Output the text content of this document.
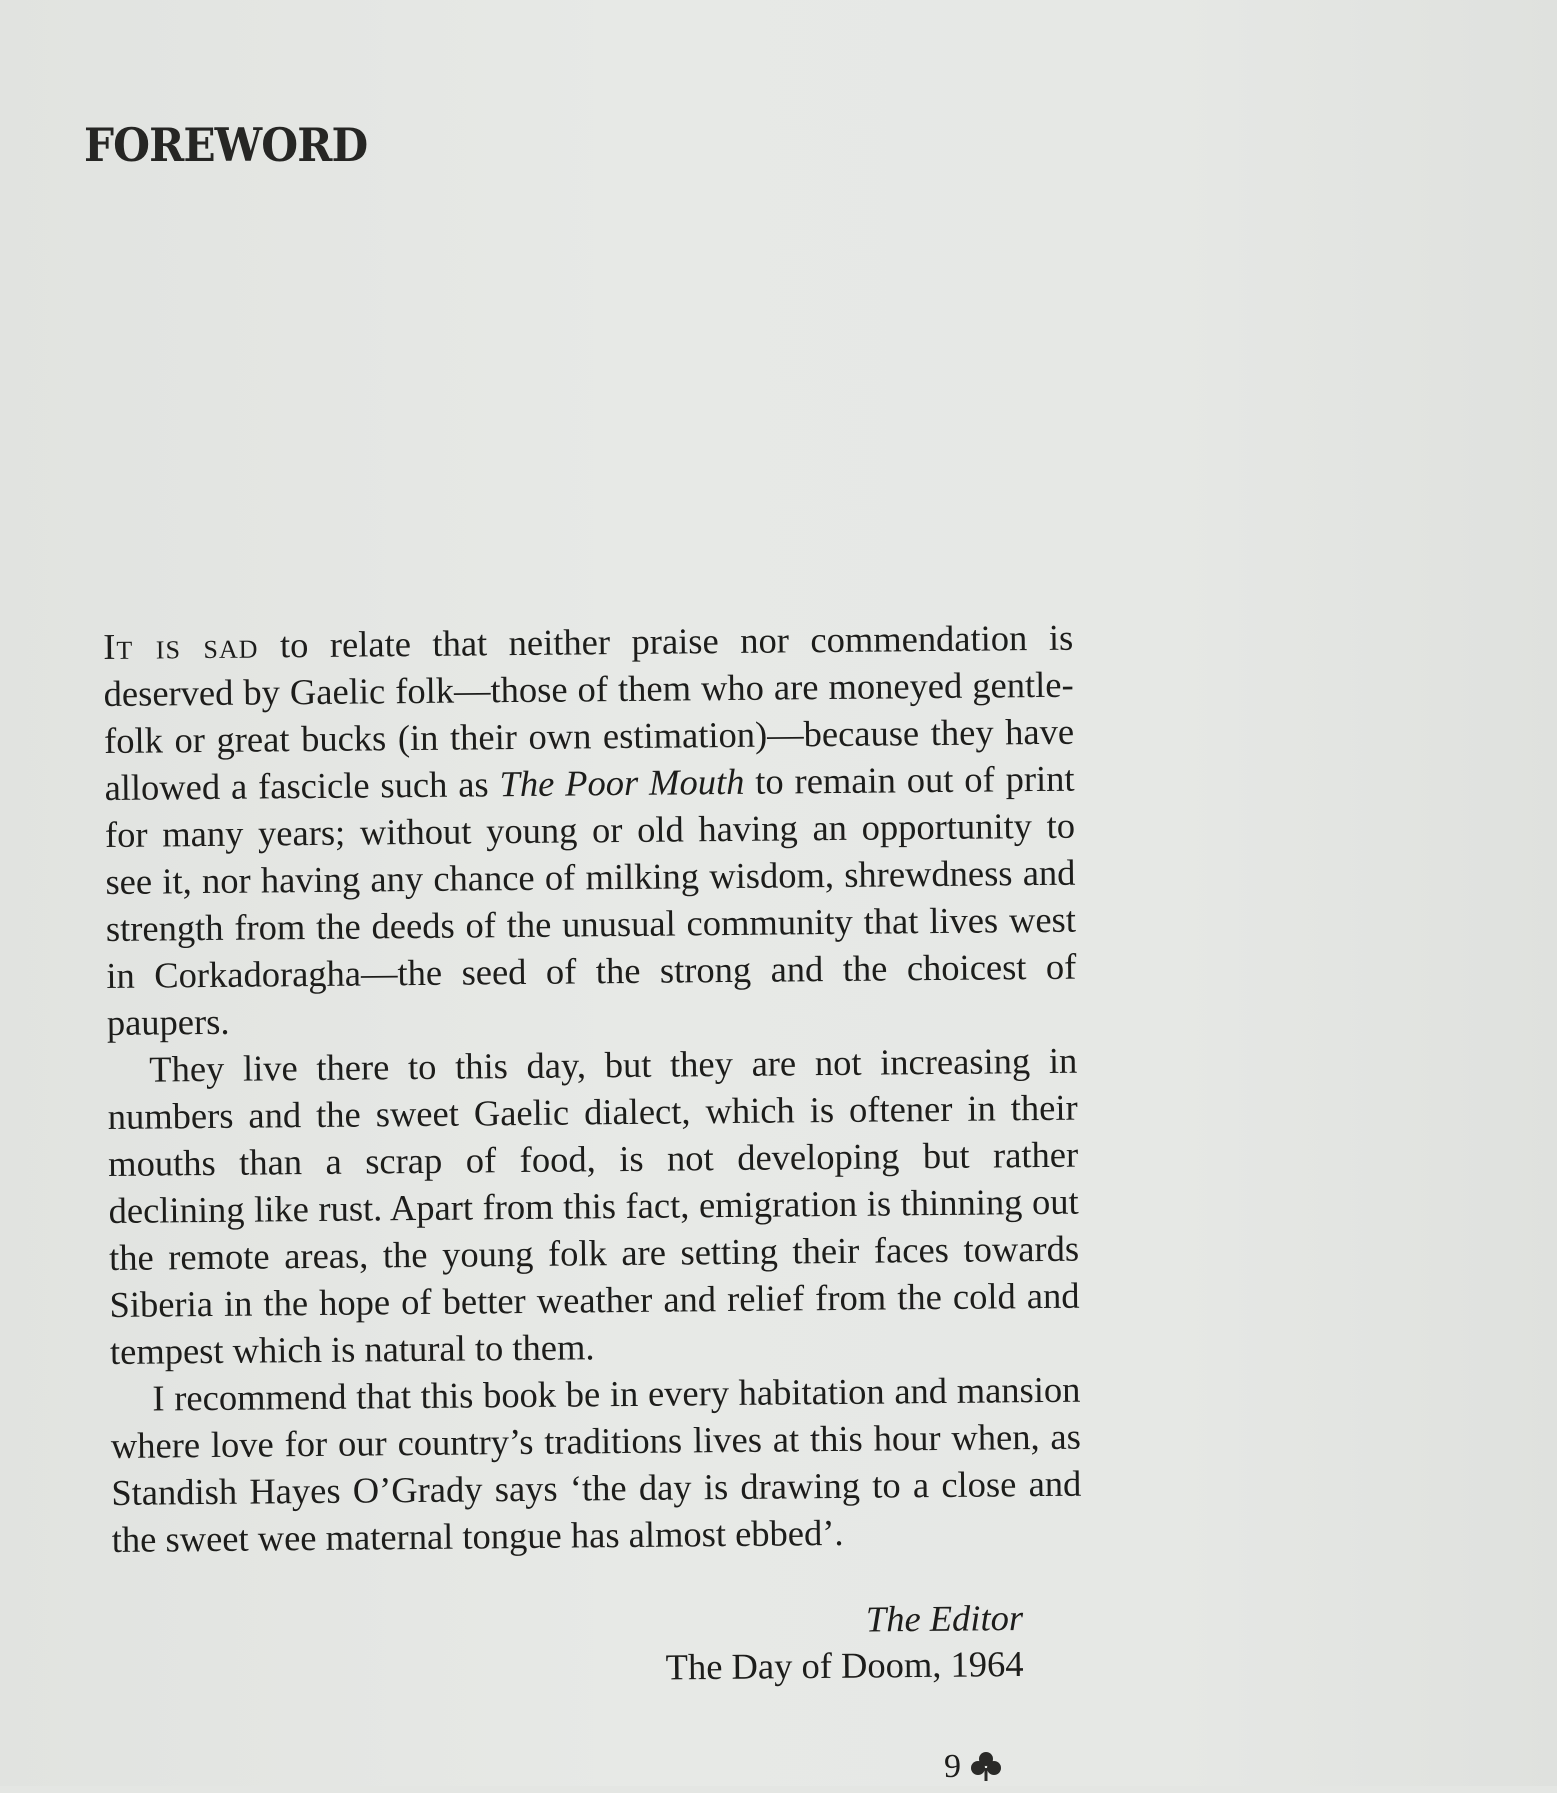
FOREWORD

It is sad to relate that neither praise nor commendation is deserved by Gaelic folk—those of them who are moneyed gentle-folk or great bucks (in their own estimation)—because they have allowed a fascicle such as The Poor Mouth to remain out of print for many years; without young or old having an opportunity to see it, nor having any chance of milking wisdom, shrewdness and strength from the deeds of the unusual community that lives west in Corkadoragha—the seed of the strong and the choicest of paupers.

They live there to this day, but they are not increasing in numbers and the sweet Gaelic dialect, which is oftener in their mouths than a scrap of food, is not developing but rather declining like rust. Apart from this fact, emigration is thinning out the remote areas, the young folk are setting their faces towards Siberia in the hope of better weather and relief from the cold and tempest which is natural to them.

I recommend that this book be in every habitation and mansion where love for our country’s traditions lives at this hour when, as Standish Hayes O’Grady says ‘the day is drawing to a close and the sweet wee maternal tongue has almost ebbed’.

The Editor
The Day of Doom, 1964
9
